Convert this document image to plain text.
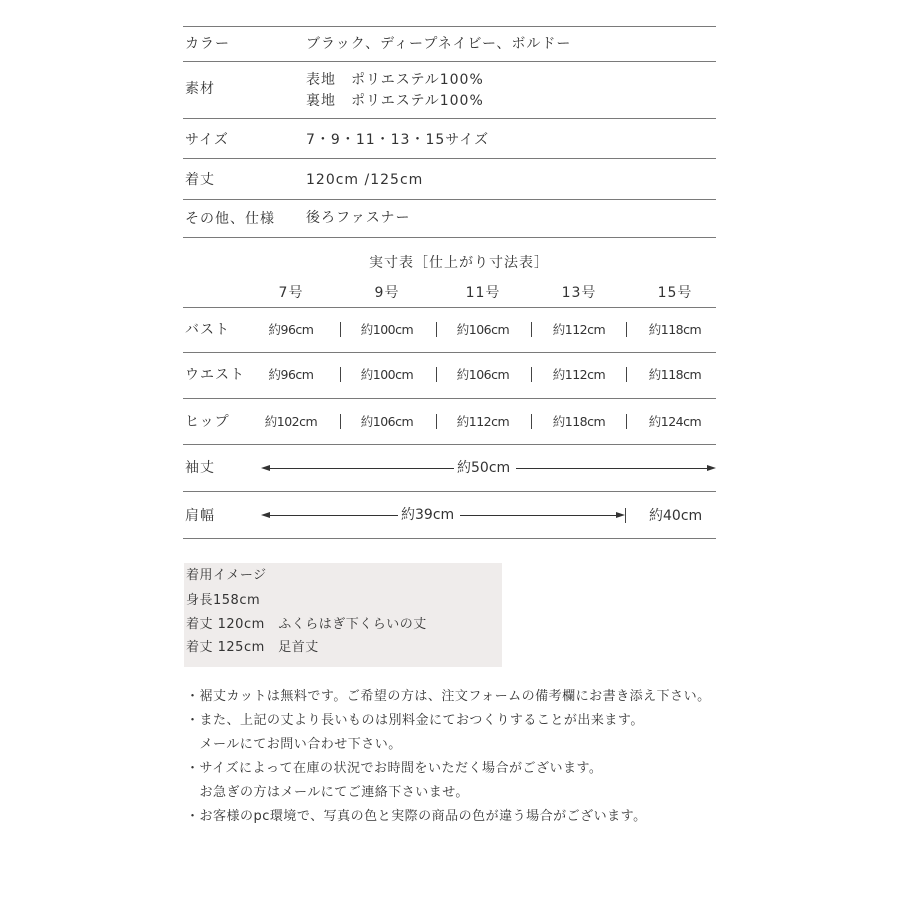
カラー	ブラック、ディープネイビー、ボルドー
素材
表地　ポリエステル100%
裏地　ポリエステル100%
サイズ	7・9・11・13・15サイズ
着丈	120cm /125cm
その他、仕様 後ろファスナー
実寸表［仕上がり寸法表］
7号	9号	11号	13号	15号
バスト	約96cm	約100cm	約106cm	約112cm	約118cm
ウエスト	約96cm	約100cm	約106cm	約112cm	約118cm
ヒップ	約102cm	約106cm	約112cm	約118cm	約124cm
袖丈	約50cm
肩幅	約39cm	約40cm
着用イメージ
身長158cm
着丈 120cm　ふくらはぎ下くらいの丈
着丈 125cm　足首丈
・裾丈カットは無料です。ご希望の方は、注文フォームの備考欄にお書き添え下さい。
・また、上記の丈より長いものは別料金にておつくりすることが出来ます。
　メールにてお問い合わせ下さい。
・サイズによって在庫の状況でお時間をいただく場合がございます。
　お急ぎの方はメールにてご連絡下さいませ。
・お客様のpc環境で、写真の色と実際の商品の色が違う場合がございます。
